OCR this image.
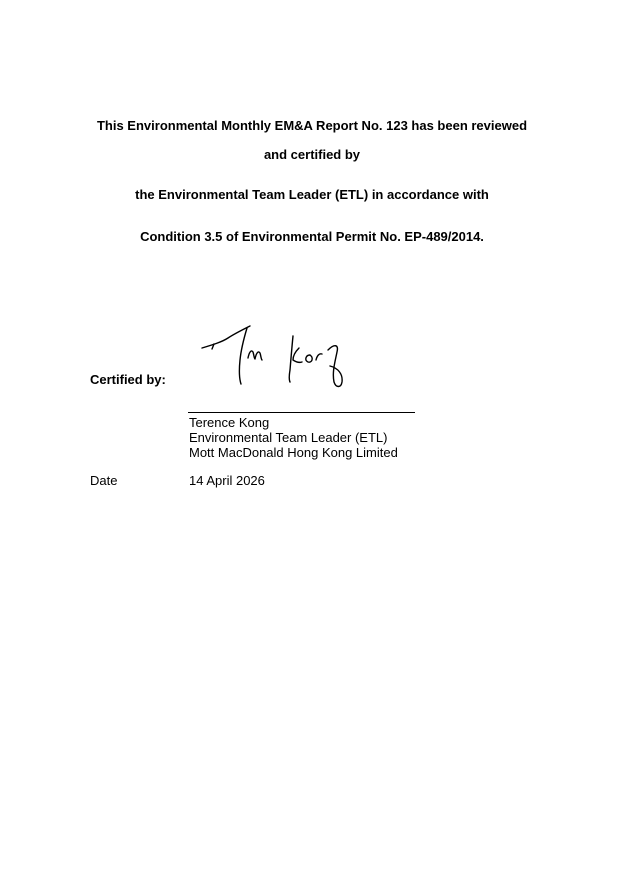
This Environmental Monthly EM&A Report No. 123 has been reviewed
and certified by
the Environmental Team Leader (ETL) in accordance with
Condition 3.5 of Environmental Permit No. EP-489/2014.
Certified by:
Terence Kong
Environmental Team Leader (ETL)
Mott MacDonald Hong Kong Limited
Date	14 April 2026
